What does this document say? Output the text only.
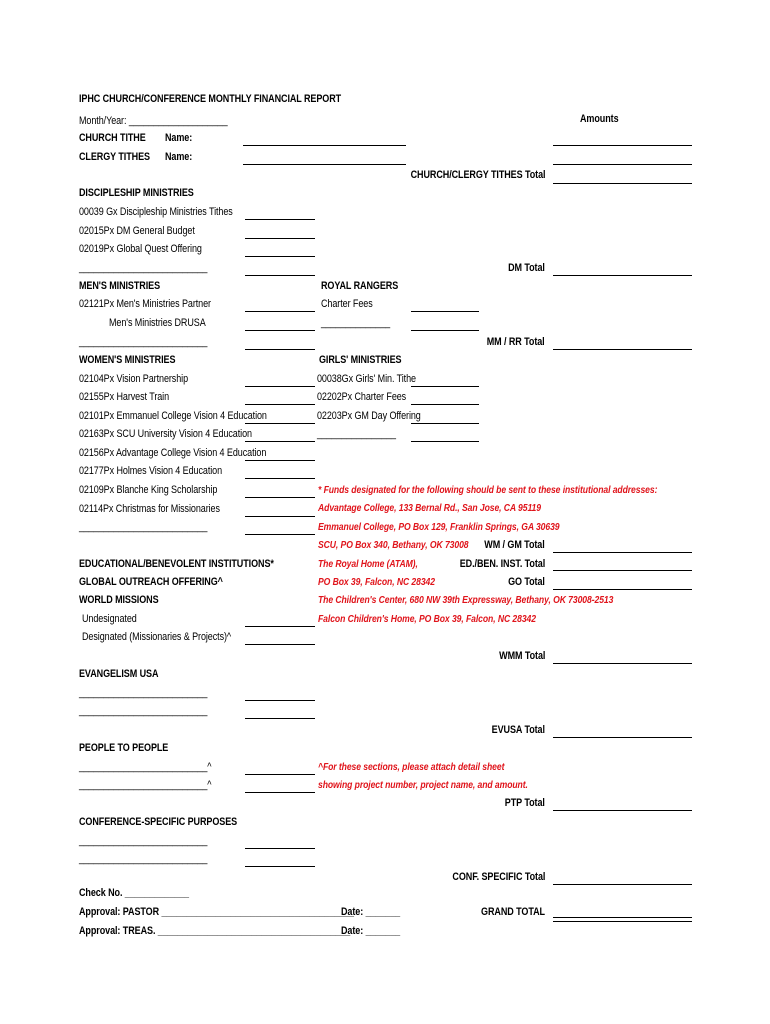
IPHC CHURCH/CONFERENCE MONTHLY FINANCIAL REPORT
Month/Year: ____________________	Amounts
CHURCH TITHE Name:
CLERGY TITHES Name:
CHURCH/CLERGY TITHES Total
DISCIPLESHIP MINISTRIES
00039 Gx Discipleship Ministries Tithes
02015Px DM General Budget
02019Px Global Quest Offering
__________________________	DM Total
MEN'S MINISTRIES
02121Px Men's Ministries Partner
Men's Ministries DRUSA
__________________________
ROYAL RANGERS
Charter Fees
______________
MM / RR Total
WOMEN'S MINISTRIES
02104Px Vision Partnership
02155Px Harvest Train
02101Px Emmanuel College Vision 4 Education
02163Px SCU University Vision 4 Education
02156Px Advantage College Vision 4 Education
02177Px Holmes Vision 4 Education
02109Px Blanche King Scholarship
02114Px Christmas for Missionaries
__________________________
GIRLS' MINISTRIES
00038Gx Girls' Min. Tithe
02202Px Charter Fees
02203Px GM Day Offering
________________
* Funds designated for the following should be sent to these institutional addresses:
Advantage College, 133 Bernal Rd., San Jose, CA 95119
Emmanuel College, PO Box 129, Franklin Springs, GA 30639
SCU, PO Box 340, Bethany, OK 73008
The Royal Home (ATAM),
PO Box 39, Falcon, NC 28342
The Children's Center, 680 NW 39th Expressway, Bethany, OK 73008-2513
Falcon Children's Home, PO Box 39, Falcon, NC 28342
WM / GM Total
ED./BEN. INST. Total
GO Total
EDUCATIONAL/BENEVOLENT INSTITUTIONS*
GLOBAL OUTREACH OFFERING^
WORLD MISSIONS
Undesignated
Designated (Missionaries & Projects)^
WMM Total
EVANGELISM USA
__________________________
__________________________
EVUSA Total
PEOPLE TO PEOPLE
__________________________^
__________________________^
^For these sections, please attach detail sheet
showing project number, project name, and amount.
PTP Total
CONFERENCE-SPECIFIC PURPOSES
__________________________
__________________________
CONF. SPECIFIC Total
Check No. _____________
Approval: PASTOR _______________________________________
Approval: TREAS. _______________________________________
Date: _______
Date: _______
GRAND TOTAL
